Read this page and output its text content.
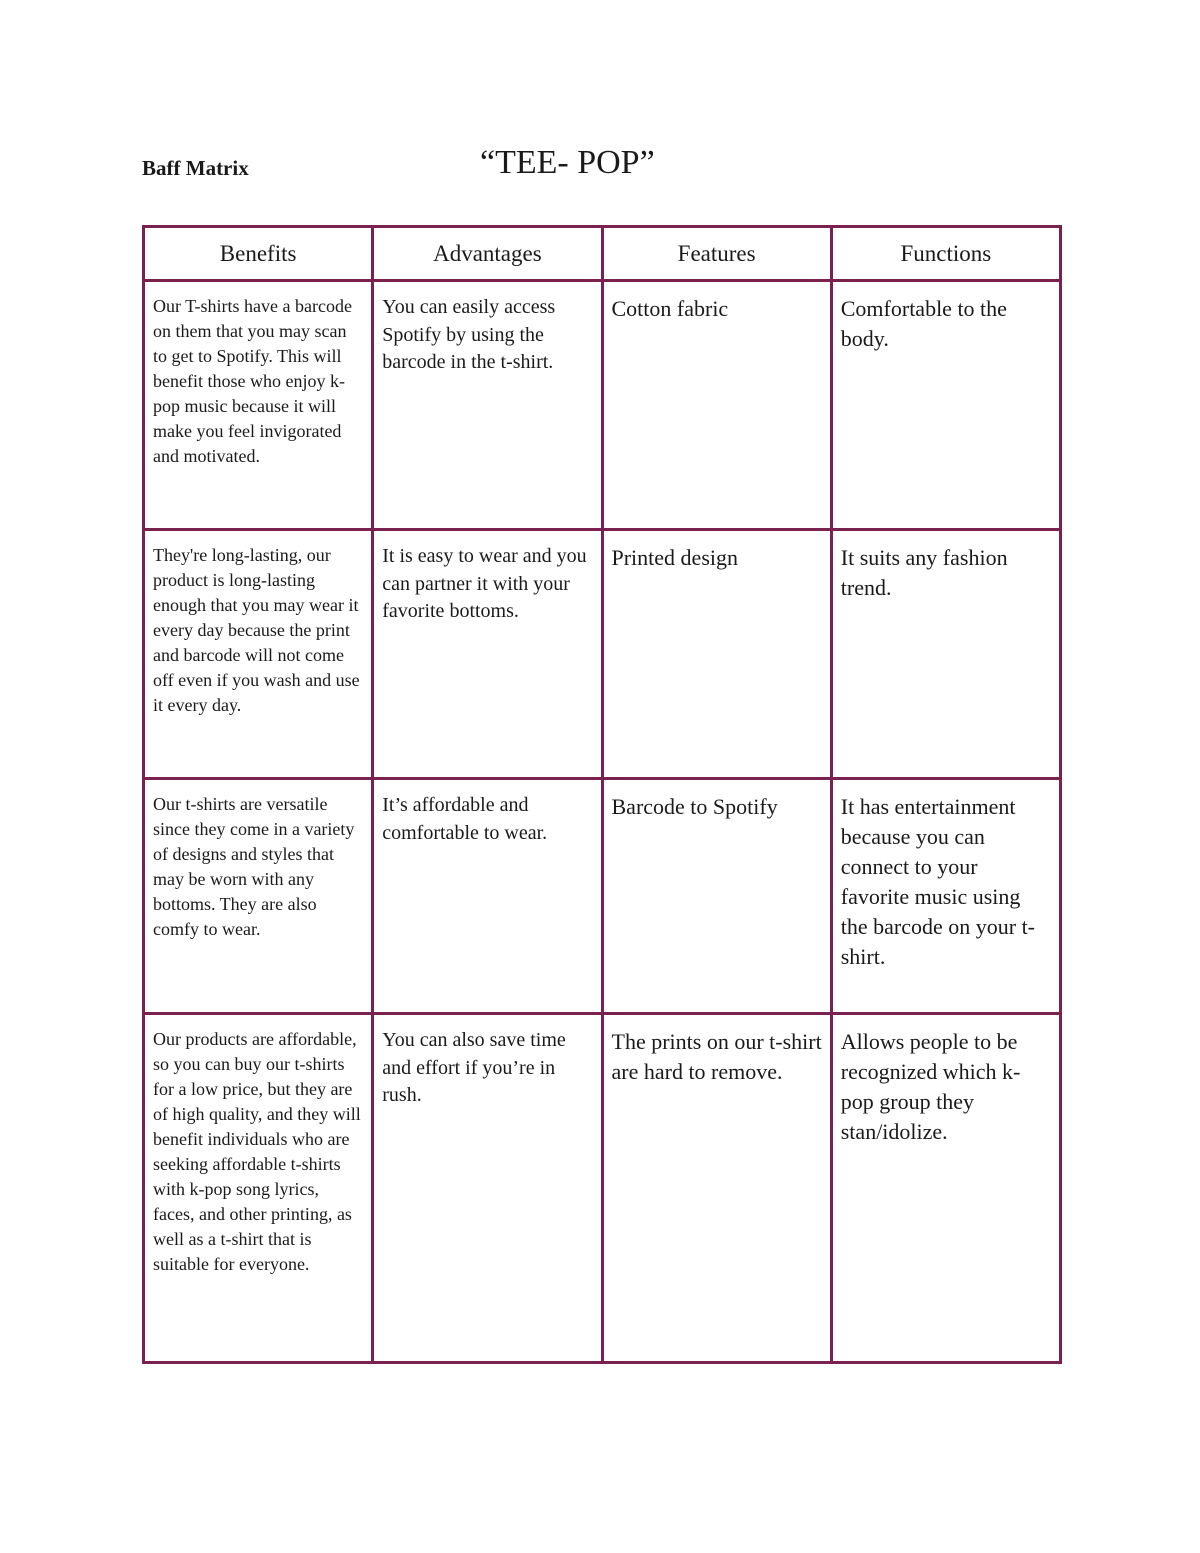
Baff Matrix	“TEE- POP”
Benefits	Advantages	Features	Functions
Our T-shirts have a barcode on them that you may scan to get to Spotify. This will benefit those who enjoy k-pop music because it will make you feel invigorated and motivated.	You can easily access Spotify by using the barcode in the t-shirt.	Cotton fabric	Comfortable to the body.
They're long-lasting, our product is long-lasting enough that you may wear it every day because the print and barcode will not come off even if you wash and use it every day.	It is easy to wear and you can partner it with your favorite bottoms.	Printed design	It suits any fashion trend.
Our t-shirts are versatile since they come in a variety of designs and styles that may be worn with any bottoms. They are also comfy to wear.	It’s affordable and comfortable to wear.	Barcode to Spotify	It has entertainment because you can connect to your favorite music using the barcode on your t-shirt.
Our products are affordable, so you can buy our t-shirts for a low price, but they are of high quality, and they will benefit individuals who are seeking affordable t-shirts with k-pop song lyrics, faces, and other printing, as well as a t-shirt that is suitable for everyone.	You can also save time and effort if you’re in rush.	The prints on our t-shirt are hard to remove.	Allows people to be recognized which k-pop group they stan/idolize.
